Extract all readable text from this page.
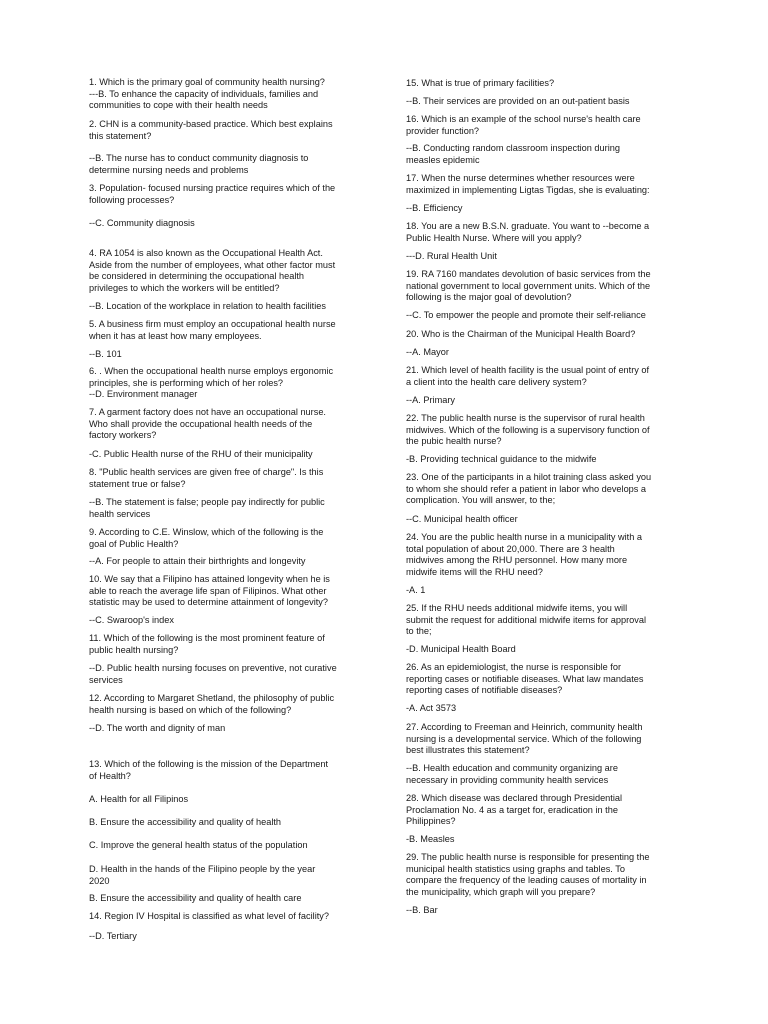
1. Which is the primary goal of community health nursing?
---B. To enhance the capacity of individuals, families and
communities to cope with their health needs

2. CHN is a community-based practice. Which best explains
this statement?

--B. The nurse has to conduct community diagnosis to
determine nursing needs and problems

3. Population- focused nursing practice requires which of the
following processes?

--C. Community diagnosis

4. RA 1054 is also known as the Occupational Health Act.
Aside from the number of employees, what other factor must
be considered in determining the occupational health
privileges to which the workers will be entitled?

--B. Location of the workplace in relation to health facilities

5. A business firm must employ an occupational health nurse
when it has at least how many employees.

--B. 101

6. . When the occupational health nurse employs ergonomic
principles, she is performing which of her roles?
--D. Environment manager

7. A garment factory does not have an occupational nurse.
Who shall provide the occupational health needs of the
factory workers?

-C. Public Health nurse of the RHU of their municipality

8. "Public health services are given free of charge". Is this
statement true or false?

--B. The statement is false; people pay indirectly for public
health services

9. According to C.E. Winslow, which of the following is the
goal of Public Health?

--A. For people to attain their birthrights and longevity

10. We say that a Filipino has attained longevity when he is
able to reach the average life span of Filipinos. What other
statistic may be used to determine attainment of longevity?

--C. Swaroop's index

11. Which of the following is the most prominent feature of
public health nursing?

--D. Public health nursing focuses on preventive, not curative
services

12. According to Margaret Shetland, the philosophy of public
health nursing is based on which of the following?

--D. The worth and dignity of man

13. Which of the following is the mission of the Department
of Health?

A. Health for all Filipinos

B. Ensure the accessibility and quality of health

C. Improve the general health status of the population

D. Health in the hands of the Filipino people by the year
2020

B. Ensure the accessibility and quality of health care

14. Region IV Hospital is classified as what level of facility?

--D. Tertiary

15. What is true of primary facilities?

--B. Their services are provided on an out-patient basis

16. Which is an example of the school nurse's health care
provider function?

--B. Conducting random classroom inspection during
measles epidemic

17. When the nurse determines whether resources were
maximized in implementing Ligtas Tigdas, she is evaluating:

--B. Efficiency

18. You are a new B.S.N. graduate. You want to --become a
Public Health Nurse. Where will you apply?

---D. Rural Health Unit

19. RA 7160 mandates devolution of basic services from the
national government to local government units. Which of the
following is the major goal of devolution?

--C. To empower the people and promote their self-reliance

20. Who is the Chairman of the Municipal Health Board?

--A. Mayor

21. Which level of health facility is the usual point of entry of
a client into the health care delivery system?

--A. Primary

22. The public health nurse is the supervisor of rural health
midwives. Which of the following is a supervisory function of
the pubic health nurse?

-B. Providing technical guidance to the midwife

23. One of the participants in a hilot training class asked you
to whom she should refer a patient in labor who develops a
complication. You will answer, to the;

--C. Municipal health officer

24. You are the public health nurse in a municipality with a
total population of about 20,000. There are 3 health
midwives among the RHU personnel. How many more
midwife items will the RHU need?

-A. 1

25. If the RHU needs additional midwife items, you will
submit the request for additional midwife items for approval
to the;

-D. Municipal Health Board

26. As an epidemiologist, the nurse is responsible for
reporting cases or notifiable diseases. What law mandates
reporting cases of notifiable diseases?

-A. Act 3573

27. According to Freeman and Heinrich, community health
nursing is a developmental service. Which of the following
best illustrates this statement?

--B. Health education and community organizing are
necessary in providing community health services

28. Which disease was declared through Presidential
Proclamation No. 4 as a target for, eradication in the
Philippines?

-B. Measles

29. The public health nurse is responsible for presenting the
municipal health statistics using graphs and tables. To
compare the frequency of the leading causes of mortality in
the municipality, which graph will you prepare?

--B. Bar
